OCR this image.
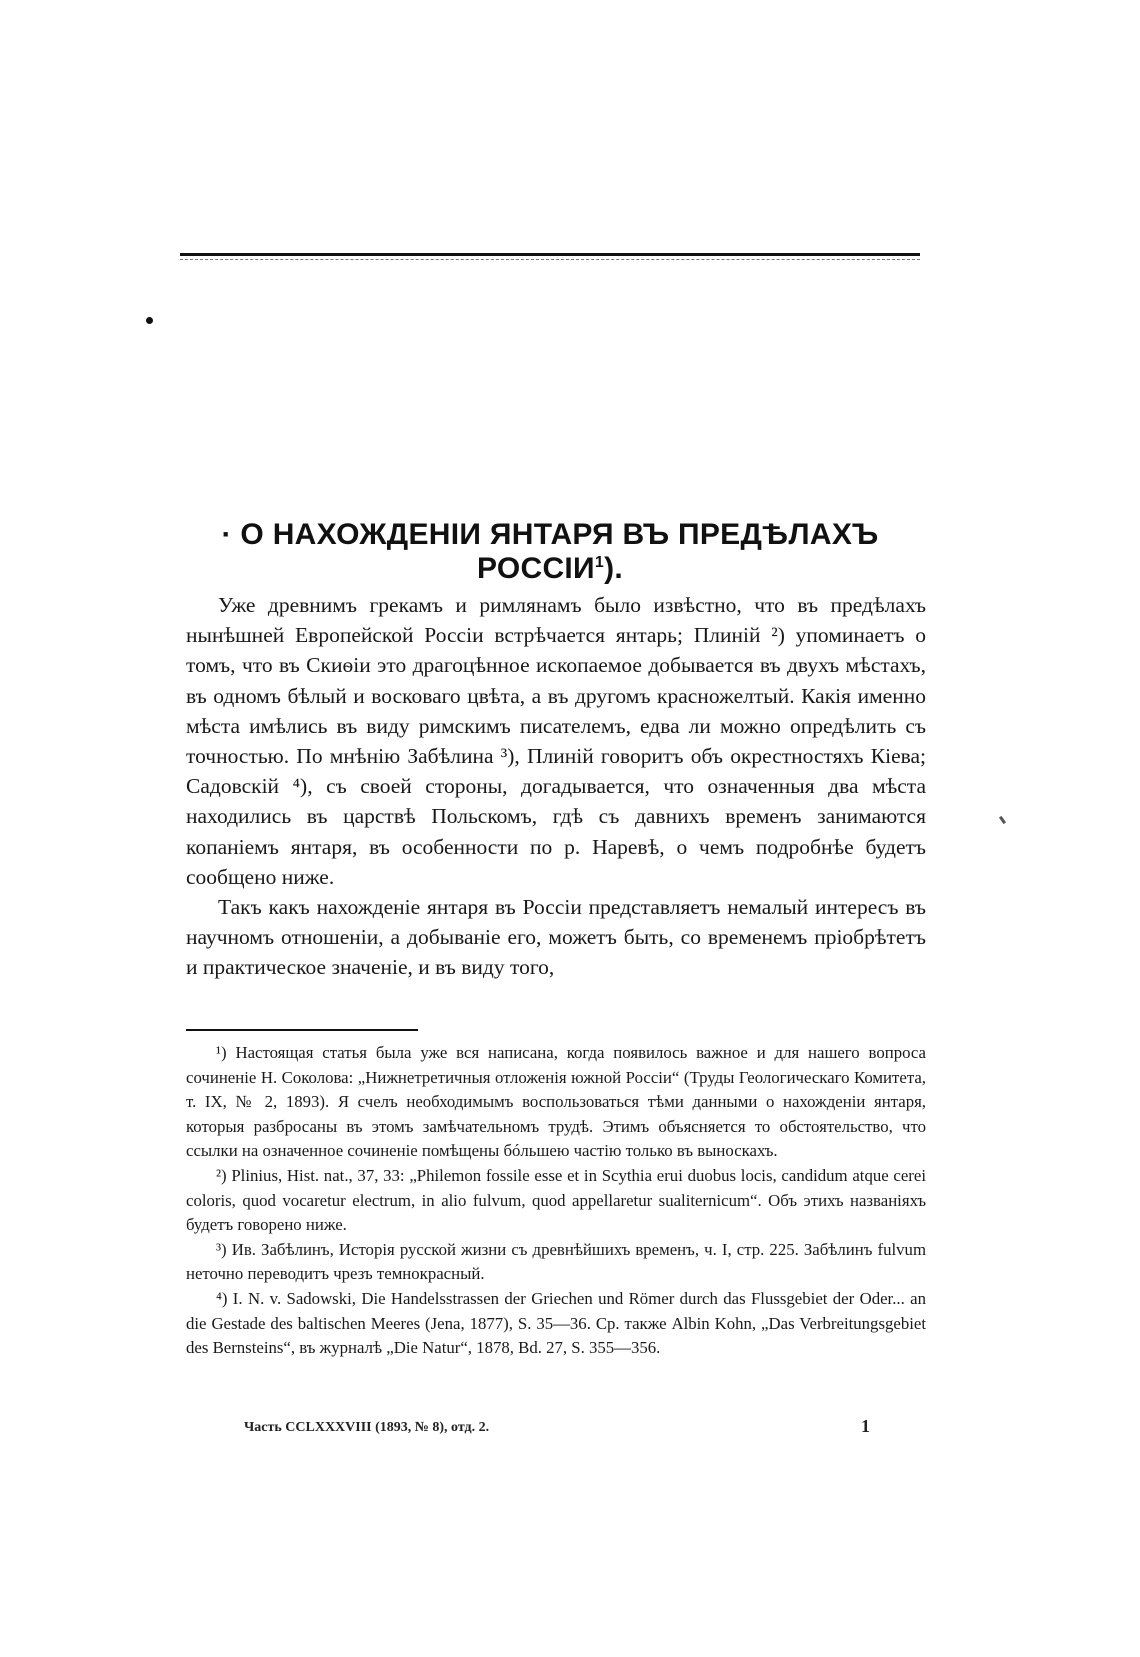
· О НАХОЖДЕНІИ ЯНТАРЯ ВЪ ПРЕДѢЛАХЪ РОССІИ$^1$).

Уже древнимъ грекамъ и римлянамъ было извѣстно, что въ предѣлахъ нынѣшней Европейской Россіи встрѣчается янтарь; Плиній ²) упоминаетъ о томъ, что въ Скиѳіи это драгоцѣнное ископаемое добывается въ двухъ мѣстахъ, въ одномъ бѣлый и восковаго цвѣта, а въ другомъ красножелтый. Какія именно мѣста имѣлись въ виду римскимъ писателемъ, едва ли можно опредѣлить съ точностью. По мнѣнію Забѣлина ³), Плиній говоритъ объ окрестностяхъ Кіева; Садовскій ⁴), съ своей стороны, догадывается, что означенныя два мѣста находились въ царствѣ Польскомъ, гдѣ съ давнихъ временъ занимаются копаніемъ янтаря, въ особенности по р. Наревѣ, о чемъ подробнѣе будетъ сообщено ниже.

Такъ какъ нахожденіе янтаря въ Россіи представляетъ немалый интересъ въ научномъ отношеніи, а добываніе его, можетъ быть, со временемъ пріобрѣтетъ и практическое значеніе, и въ виду того,

¹) Настоящая статья была уже вся написана, когда появилось важное и для нашего вопроса сочиненіе Н. Соколова: „Нижнетретичныя отложенія южной Россіи“ (Труды Геологическаго Комитета, т. IX, № 2, 1893). Я счелъ необходимымъ воспользоваться тѣми данными о нахожденіи янтаря, которыя разбросаны въ этомъ замѣчательномъ трудѣ. Этимъ объясняется то обстоятельство, что ссылки на означенное сочиненіе помѣщены бóльшею частію только въ выноскахъ.

²) Plinius, Hist. nat., 37, 33: „Philemon fossile esse et in Scythia erui duobus locis, candidum atque cerei coloris, quod vocaretur electrum, in alio fulvum, quod appellaretur sualiternicum“. Объ этихъ названіяхъ будетъ говорено ниже.

³) Ив. Забѣлинъ, Исторія русской жизни съ древнѣйшихъ временъ, ч. I, стр. 225. Забѣлинъ fulvum неточно переводитъ чрезъ темнокрасный.

⁴) I. N. v. Sadowski, Die Handelsstrassen der Griechen und Römer durch das Flussgebiet der Oder... an die Gestade des baltischen Meeres (Jena, 1877), S. 35—36. Ср. также Albin Kohn, „Das Verbreitungsgebiet des Bernsteins“, въ журналѣ „Die Natur“, 1878, Bd. 27, S. 355—356.

Часть CCLXXXVIII (1893, № 8), отд. 2.	1
